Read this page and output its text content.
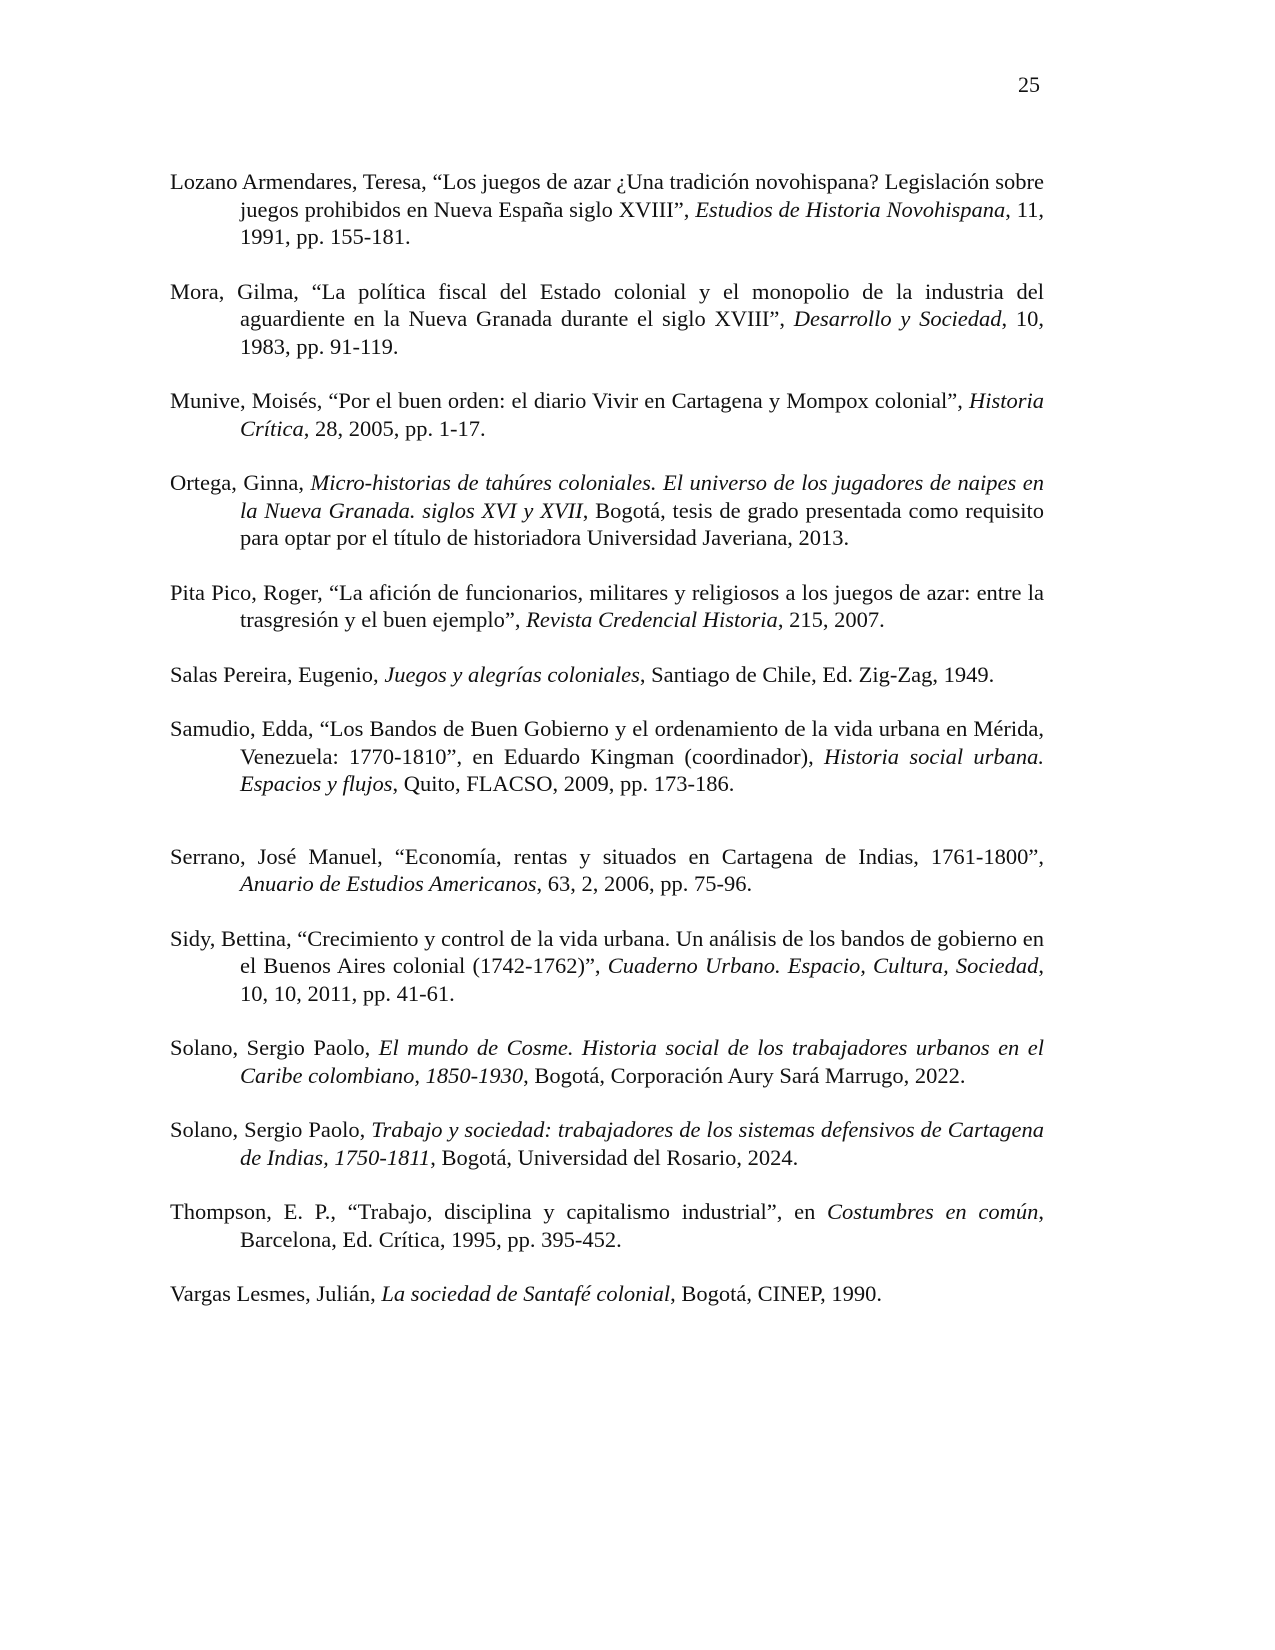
25

Lozano Armendares, Teresa, “Los juegos de azar ¿Una tradición novohispana? Legislación sobre juegos prohibidos en Nueva España siglo XVIII”, Estudios de Historia Novohispana, 11, 1991, pp. 155-181.

Mora, Gilma, “La política fiscal del Estado colonial y el monopolio de la industria del aguardiente en la Nueva Granada durante el siglo XVIII”, Desarrollo y Sociedad, 10, 1983, pp. 91-119.

Munive, Moisés, “Por el buen orden: el diario Vivir en Cartagena y Mompox colonial”, Historia Crítica, 28, 2005, pp. 1-17.

Ortega, Ginna, Micro-historias de tahúres coloniales. El universo de los jugadores de naipes en la Nueva Granada. siglos XVI y XVII, Bogotá, tesis de grado presentada como requisito para optar por el título de historiadora Universidad Javeriana, 2013.

Pita Pico, Roger, “La afición de funcionarios, militares y religiosos a los juegos de azar: entre la trasgresión y el buen ejemplo”, Revista Credencial Historia, 215, 2007.

Salas Pereira, Eugenio, Juegos y alegrías coloniales, Santiago de Chile, Ed. Zig-Zag, 1949.

Samudio, Edda, “Los Bandos de Buen Gobierno y el ordenamiento de la vida urbana en Mérida, Venezuela: 1770-1810”, en Eduardo Kingman (coordinador), Historia social urbana. Espacios y flujos, Quito, FLACSO, 2009, pp. 173-186.

Serrano, José Manuel, “Economía, rentas y situados en Cartagena de Indias, 1761-1800”, Anuario de Estudios Americanos, 63, 2, 2006, pp. 75-96.

Sidy, Bettina, “Crecimiento y control de la vida urbana. Un análisis de los bandos de gobierno en el Buenos Aires colonial (1742-1762)”, Cuaderno Urbano. Espacio, Cultura, Sociedad, 10, 10, 2011, pp. 41-61.

Solano, Sergio Paolo, El mundo de Cosme. Historia social de los trabajadores urbanos en el Caribe colombiano, 1850-1930, Bogotá, Corporación Aury Sará Marrugo, 2022.

Solano, Sergio Paolo, Trabajo y sociedad: trabajadores de los sistemas defensivos de Cartagena de Indias, 1750-1811, Bogotá, Universidad del Rosario, 2024.

Thompson, E. P., “Trabajo, disciplina y capitalismo industrial”, en Costumbres en común, Barcelona, Ed. Crítica, 1995, pp. 395-452.

Vargas Lesmes, Julián, La sociedad de Santafé colonial, Bogotá, CINEP, 1990.
